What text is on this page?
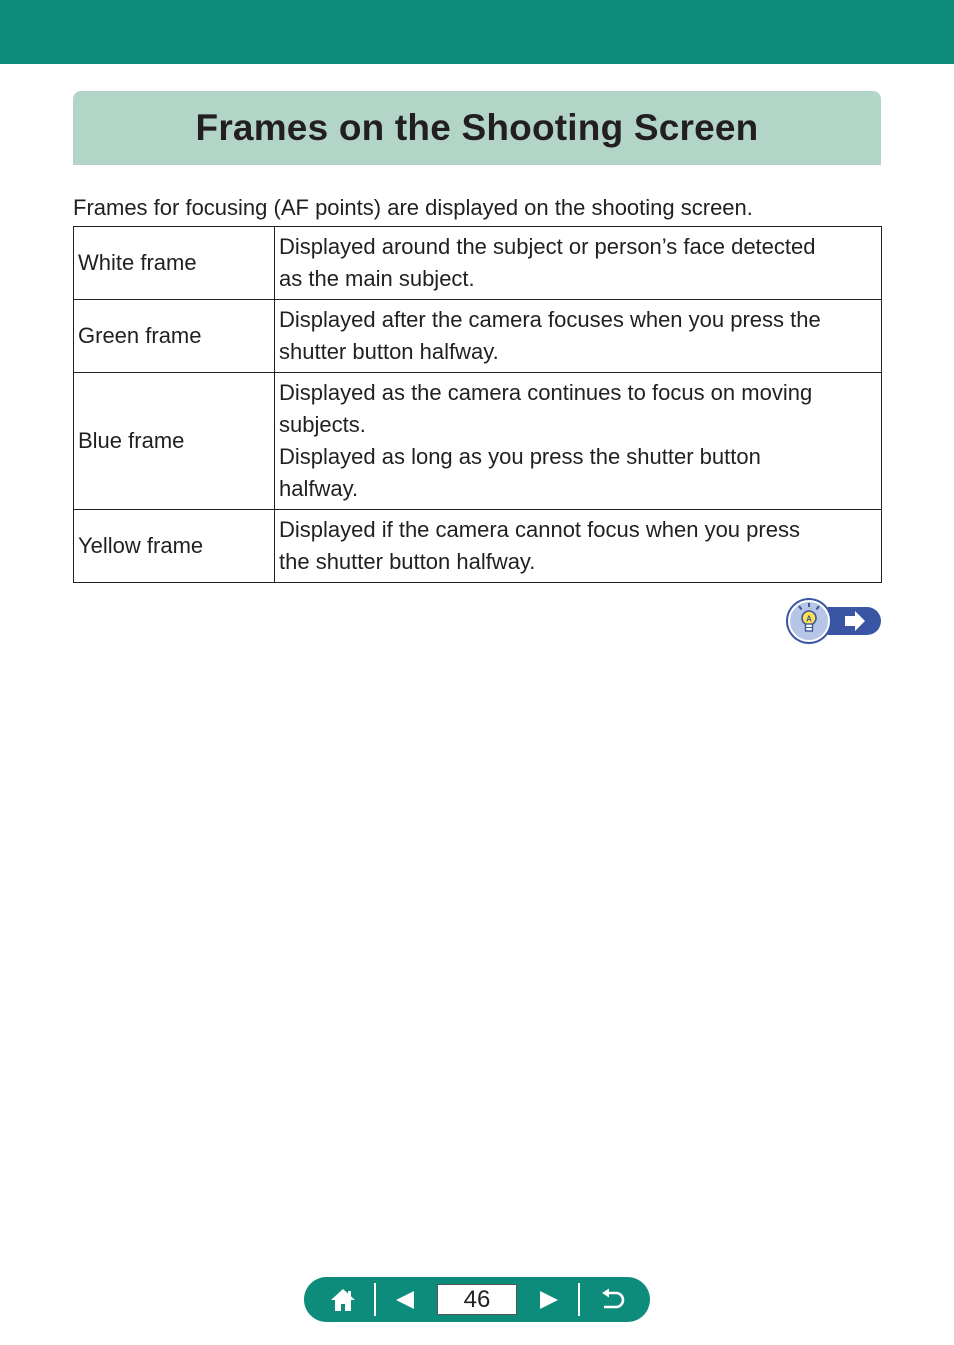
Frames on the Shooting Screen
Frames for focusing (AF points) are displayed on the shooting screen.
White frame	Displayed around the subject or person’s face detected
as the main subject.
Green frame	Displayed after the camera focuses when you press the
shutter button halfway.
Blue frame	Displayed as the camera continues to focus on moving
subjects.
Displayed as long as you press the shutter button
halfway.
Yellow frame	Displayed if the camera cannot focus when you press
the shutter button halfway.
A
46
